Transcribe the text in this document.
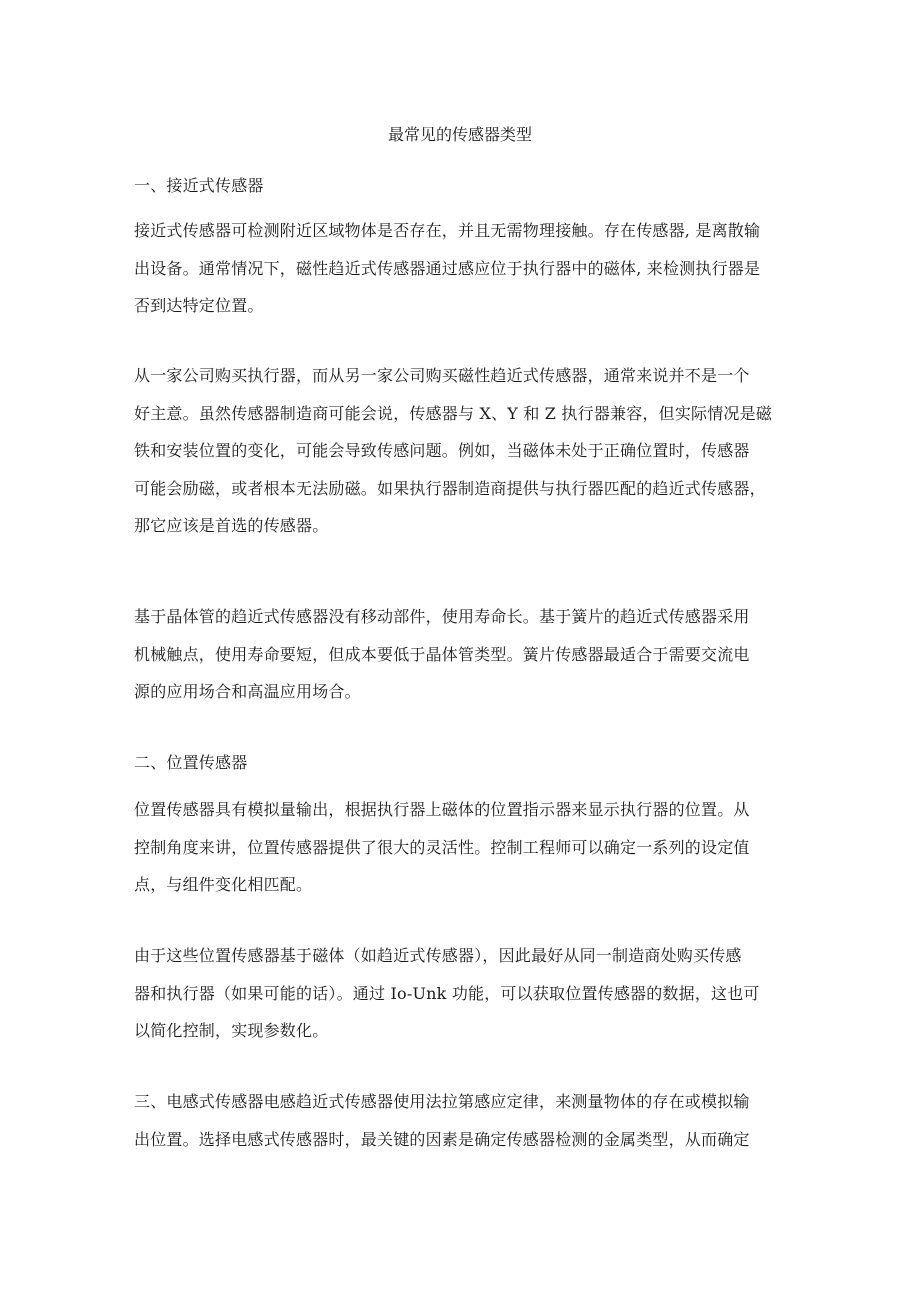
最常见的传感器类型

一、接近式传感器

接近式传感器可检测附近区域物体是否存在，并且无需物理接触。存在传感器, 是离散输
出设备。通常情况下，磁性趋近式传感器通过感应位于执行器中的磁体, 来检测执行器是
否到达特定位置。

从一家公司购买执行器，而从另一家公司购买磁性趋近式传感器，通常来说并不是一个
好主意。虽然传感器制造商可能会说，传感器与 X、Y 和 Z 执行器兼容，但实际情况是磁
铁和安装位置的变化，可能会导致传感问题。例如，当磁体未处于正确位置时，传感器
可能会励磁，或者根本无法励磁。如果执行器制造商提供与执行器匹配的趋近式传感器，
那它应该是首选的传感器。

基于晶体管的趋近式传感器没有移动部件，使用寿命长。基于簧片的趋近式传感器采用
机械触点，使用寿命要短，但成本要低于晶体管类型。簧片传感器最适合于需要交流电
源的应用场合和高温应用场合。

二、位置传感器

位置传感器具有模拟量输出，根据执行器上磁体的位置指示器来显示执行器的位置。从
控制角度来讲，位置传感器提供了很大的灵活性。控制工程师可以确定一系列的设定值
点，与组件变化相匹配。

由于这些位置传感器基于磁体（如趋近式传感器），因此最好从同一制造商处购买传感
器和执行器（如果可能的话）。通过 Io-Unk 功能，可以获取位置传感器的数据，这也可
以简化控制，实现参数化。

三、电感式传感器电感趋近式传感器使用法拉第感应定律，来测量物体的存在或模拟输
出位置。选择电感式传感器时，最关键的因素是确定传感器检测的金属类型，从而确定
